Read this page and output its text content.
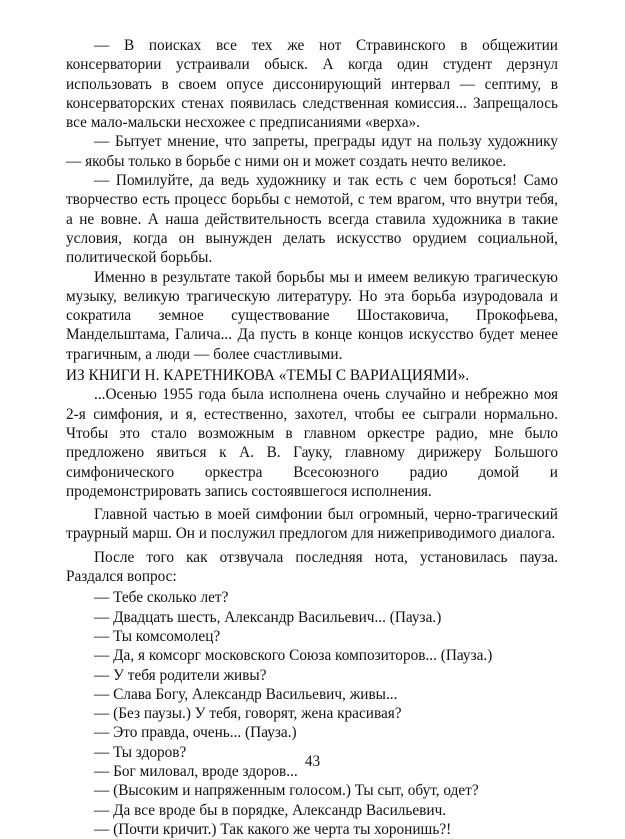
— В поисках все тех же нот Стравинского в общежитии консерватории устраивали обыск. А когда один студент дерзнул использовать в своем опусе диссонирующий интервал — септиму, в консерваторских стенах появилась следственная комиссия... Запрещалось все мало-мальски несхожее с предписаниями «верха».

— Бытует мнение, что запреты, преграды идут на пользу художнику — якобы только в борьбе с ними он и может создать нечто великое.

— Помилуйте, да ведь художнику и так есть с чем бороться! Само творчество есть процесс борьбы с немотой, с тем врагом, что внутри тебя, а не вовне. А наша действительность всегда ставила художника в такие условия, когда он вынужден делать искусство орудием социальной, политической борьбы.

Именно в результате такой борьбы мы и имеем великую трагическую музыку, великую трагическую литературу. Но эта борьба изуродовала и сократила земное существование Шостаковича, Прокофьева, Мандельштама, Галича... Да пусть в конце концов искусство будет менее трагичным, а люди — более счастливыми.

ИЗ КНИГИ Н. КАРЕТНИКОВА «ТЕМЫ С ВАРИАЦИЯМИ».

...Осенью 1955 года была исполнена очень случайно и небрежно моя 2-я симфония, и я, естественно, захотел, чтобы ее сыграли нормально. Чтобы это стало возможным в главном оркестре радио, мне было предложено явиться к А. В. Гауку, главному дирижеру Большого симфонического оркестра Всесоюзного радио домой и продемонстрировать запись состоявшегося исполнения.

Главной частью в моей симфонии был огромный, черно-трагический траурный марш. Он и послужил предлогом для нижеприводимого диалога.

После того как отзвучала последняя нота, установилась пауза. Раздался вопрос:

— Тебе сколько лет?
— Двадцать шесть, Александр Васильевич... (Пауза.)
— Ты комсомолец?
— Да, я комсорг московского Союза композиторов... (Пауза.)
— У тебя родители живы?
— Слава Богу, Александр Васильевич, живы...
— (Без паузы.) У тебя, говорят, жена красивая?
— Это правда, очень... (Пауза.)
— Ты здоров?
— Бог миловал, вроде здоров...
— (Высоким и напряженным голосом.) Ты сыт, обут, одет?
— Да все вроде бы в порядке, Александр Васильевич.
— (Почти кричит.) Так какого же черта ты хоронишь?!
43
